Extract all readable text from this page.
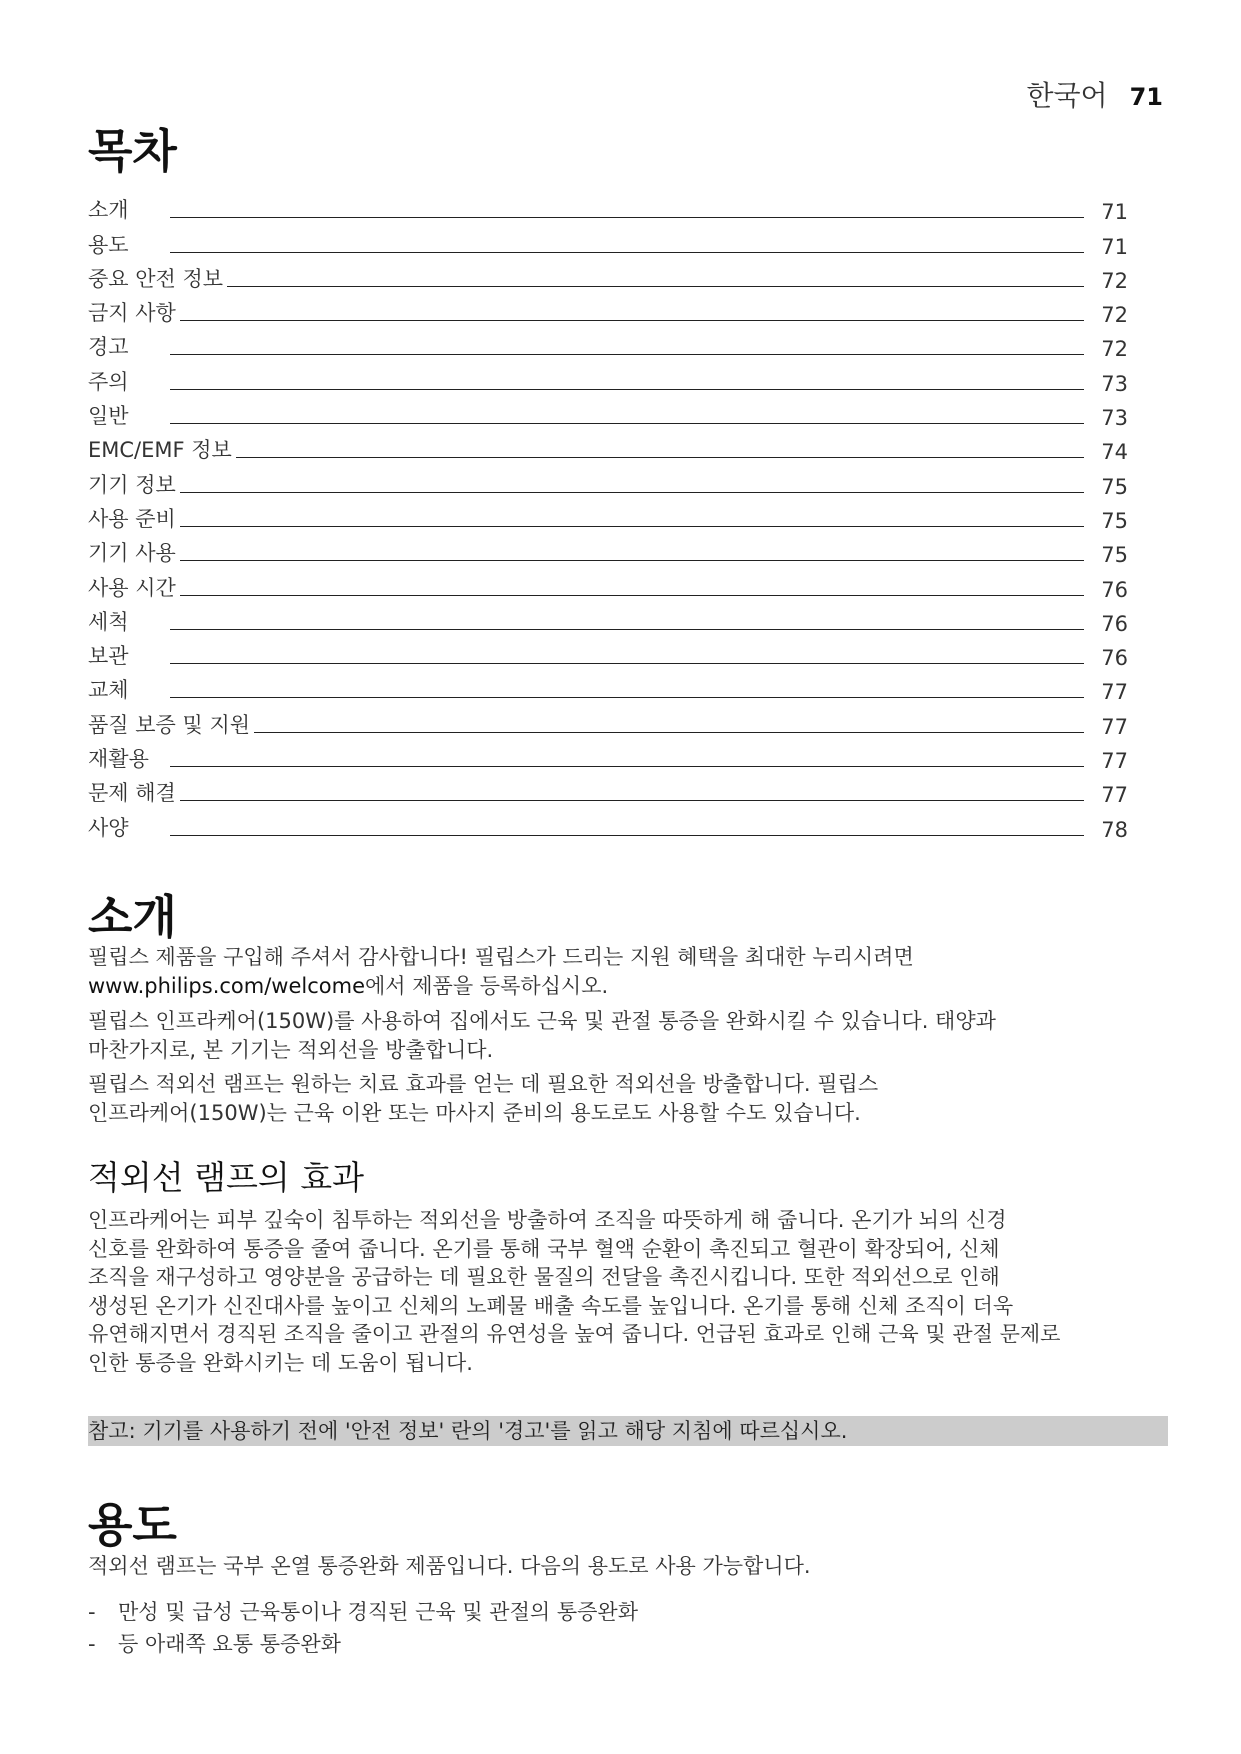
한국어 71
목차
소개	71
용도	71
중요 안전 정보	72
금지 사항	72
경고	72
주의	73
일반	73
EMC/EMF 정보	74
기기 정보	75
사용 준비	75
기기 사용	75
사용 시간	76
세척	76
보관	76
교체	77
품질 보증 및 지원	77
재활용	77
문제 해결	77
사양	78
소개

필립스 제품을 구입해 주셔서 감사합니다! 필립스가 드리는 지원 혜택을 최대한 누리시려면
www.philips.com/welcome에서 제품을 등록하십시오.

필립스 인프라케어(150W)를 사용하여 집에서도 근육 및 관절 통증을 완화시킬 수 있습니다. 태양과
마찬가지로, 본 기기는 적외선을 방출합니다.

필립스 적외선 램프는 원하는 치료 효과를 얻는 데 필요한 적외선을 방출합니다. 필립스
인프라케어(150W)는 근육 이완 또는 마사지 준비의 용도로도 사용할 수도 있습니다.

적외선 램프의 효과

인프라케어는 피부 깊숙이 침투하는 적외선을 방출하여 조직을 따뜻하게 해 줍니다. 온기가 뇌의 신경
신호를 완화하여 통증을 줄여 줍니다. 온기를 통해 국부 혈액 순환이 촉진되고 혈관이 확장되어, 신체
조직을 재구성하고 영양분을 공급하는 데 필요한 물질의 전달을 촉진시킵니다. 또한 적외선으로 인해
생성된 온기가 신진대사를 높이고 신체의 노폐물 배출 속도를 높입니다. 온기를 통해 신체 조직이 더욱
유연해지면서 경직된 조직을 줄이고 관절의 유연성을 높여 줍니다. 언급된 효과로 인해 근육 및 관절 문제로
인한 통증을 완화시키는 데 도움이 됩니다.

참고: 기기를 사용하기 전에 '안전 정보' 란의 '경고'를 읽고 해당 지침에 따르십시오.
용도

적외선 램프는 국부 온열 통증완화 제품입니다. 다음의 용도로 사용 가능합니다.

-	만성 및 급성 근육통이나 경직된 근육 및 관절의 통증완화
-	등 아래쪽 요통 통증완화
